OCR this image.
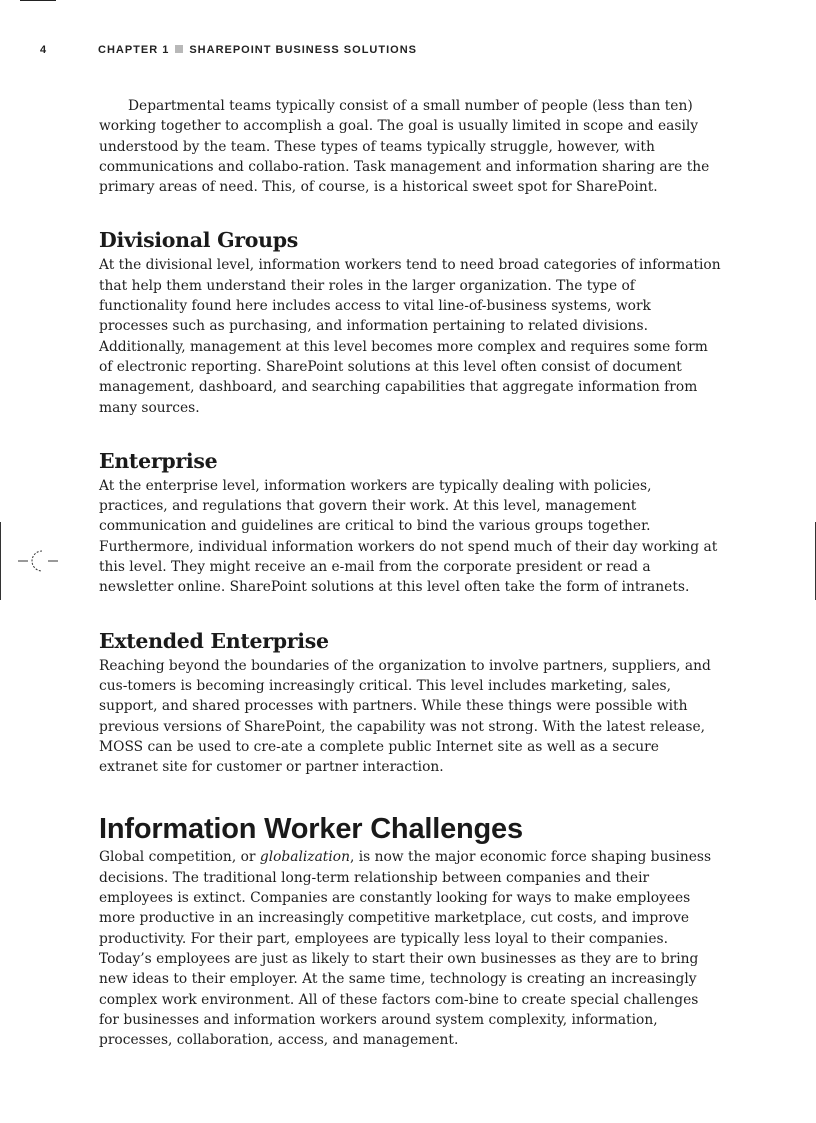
4	CHAPTER 1 SHAREPOINT BUSINESS SOLUTIONS

Departmental teams typically consist of a small number of people (less than ten) working together to accomplish a goal. The goal is usually limited in scope and easily understood by the team. These types of teams typically struggle, however, with communications and collabo-ration. Task management and information sharing are the primary areas of need. This, of course, is a historical sweet spot for SharePoint.

Divisional Groups

At the divisional level, information workers tend to need broad categories of information that help them understand their roles in the larger organization. The type of functionality found here includes access to vital line-of-business systems, work processes such as purchasing, and information pertaining to related divisions. Additionally, management at this level becomes more complex and requires some form of electronic reporting. SharePoint solutions at this level often consist of document management, dashboard, and searching capabilities that aggregate information from many sources.

Enterprise

At the enterprise level, information workers are typically dealing with policies, practices, and regulations that govern their work. At this level, management communication and guidelines are critical to bind the various groups together. Furthermore, individual information workers do not spend much of their day working at this level. They might receive an e-mail from the corporate president or read a newsletter online. SharePoint solutions at this level often take the form of intranets.

Extended Enterprise

Reaching beyond the boundaries of the organization to involve partners, suppliers, and cus-tomers is becoming increasingly critical. This level includes marketing, sales, support, and shared processes with partners. While these things were possible with previous versions of SharePoint, the capability was not strong. With the latest release, MOSS can be used to cre-ate a complete public Internet site as well as a secure extranet site for customer or partner interaction.

Information Worker Challenges

Global competition, or globalization, is now the major economic force shaping business decisions. The traditional long-term relationship between companies and their employees is extinct. Companies are constantly looking for ways to make employees more productive in an increasingly competitive marketplace, cut costs, and improve productivity. For their part, employees are typically less loyal to their companies. Today’s employees are just as likely to start their own businesses as they are to bring new ideas to their employer. At the same time, technology is creating an increasingly complex work environment. All of these factors com-bine to create special challenges for businesses and information workers around system complexity, information, processes, collaboration, access, and management.
